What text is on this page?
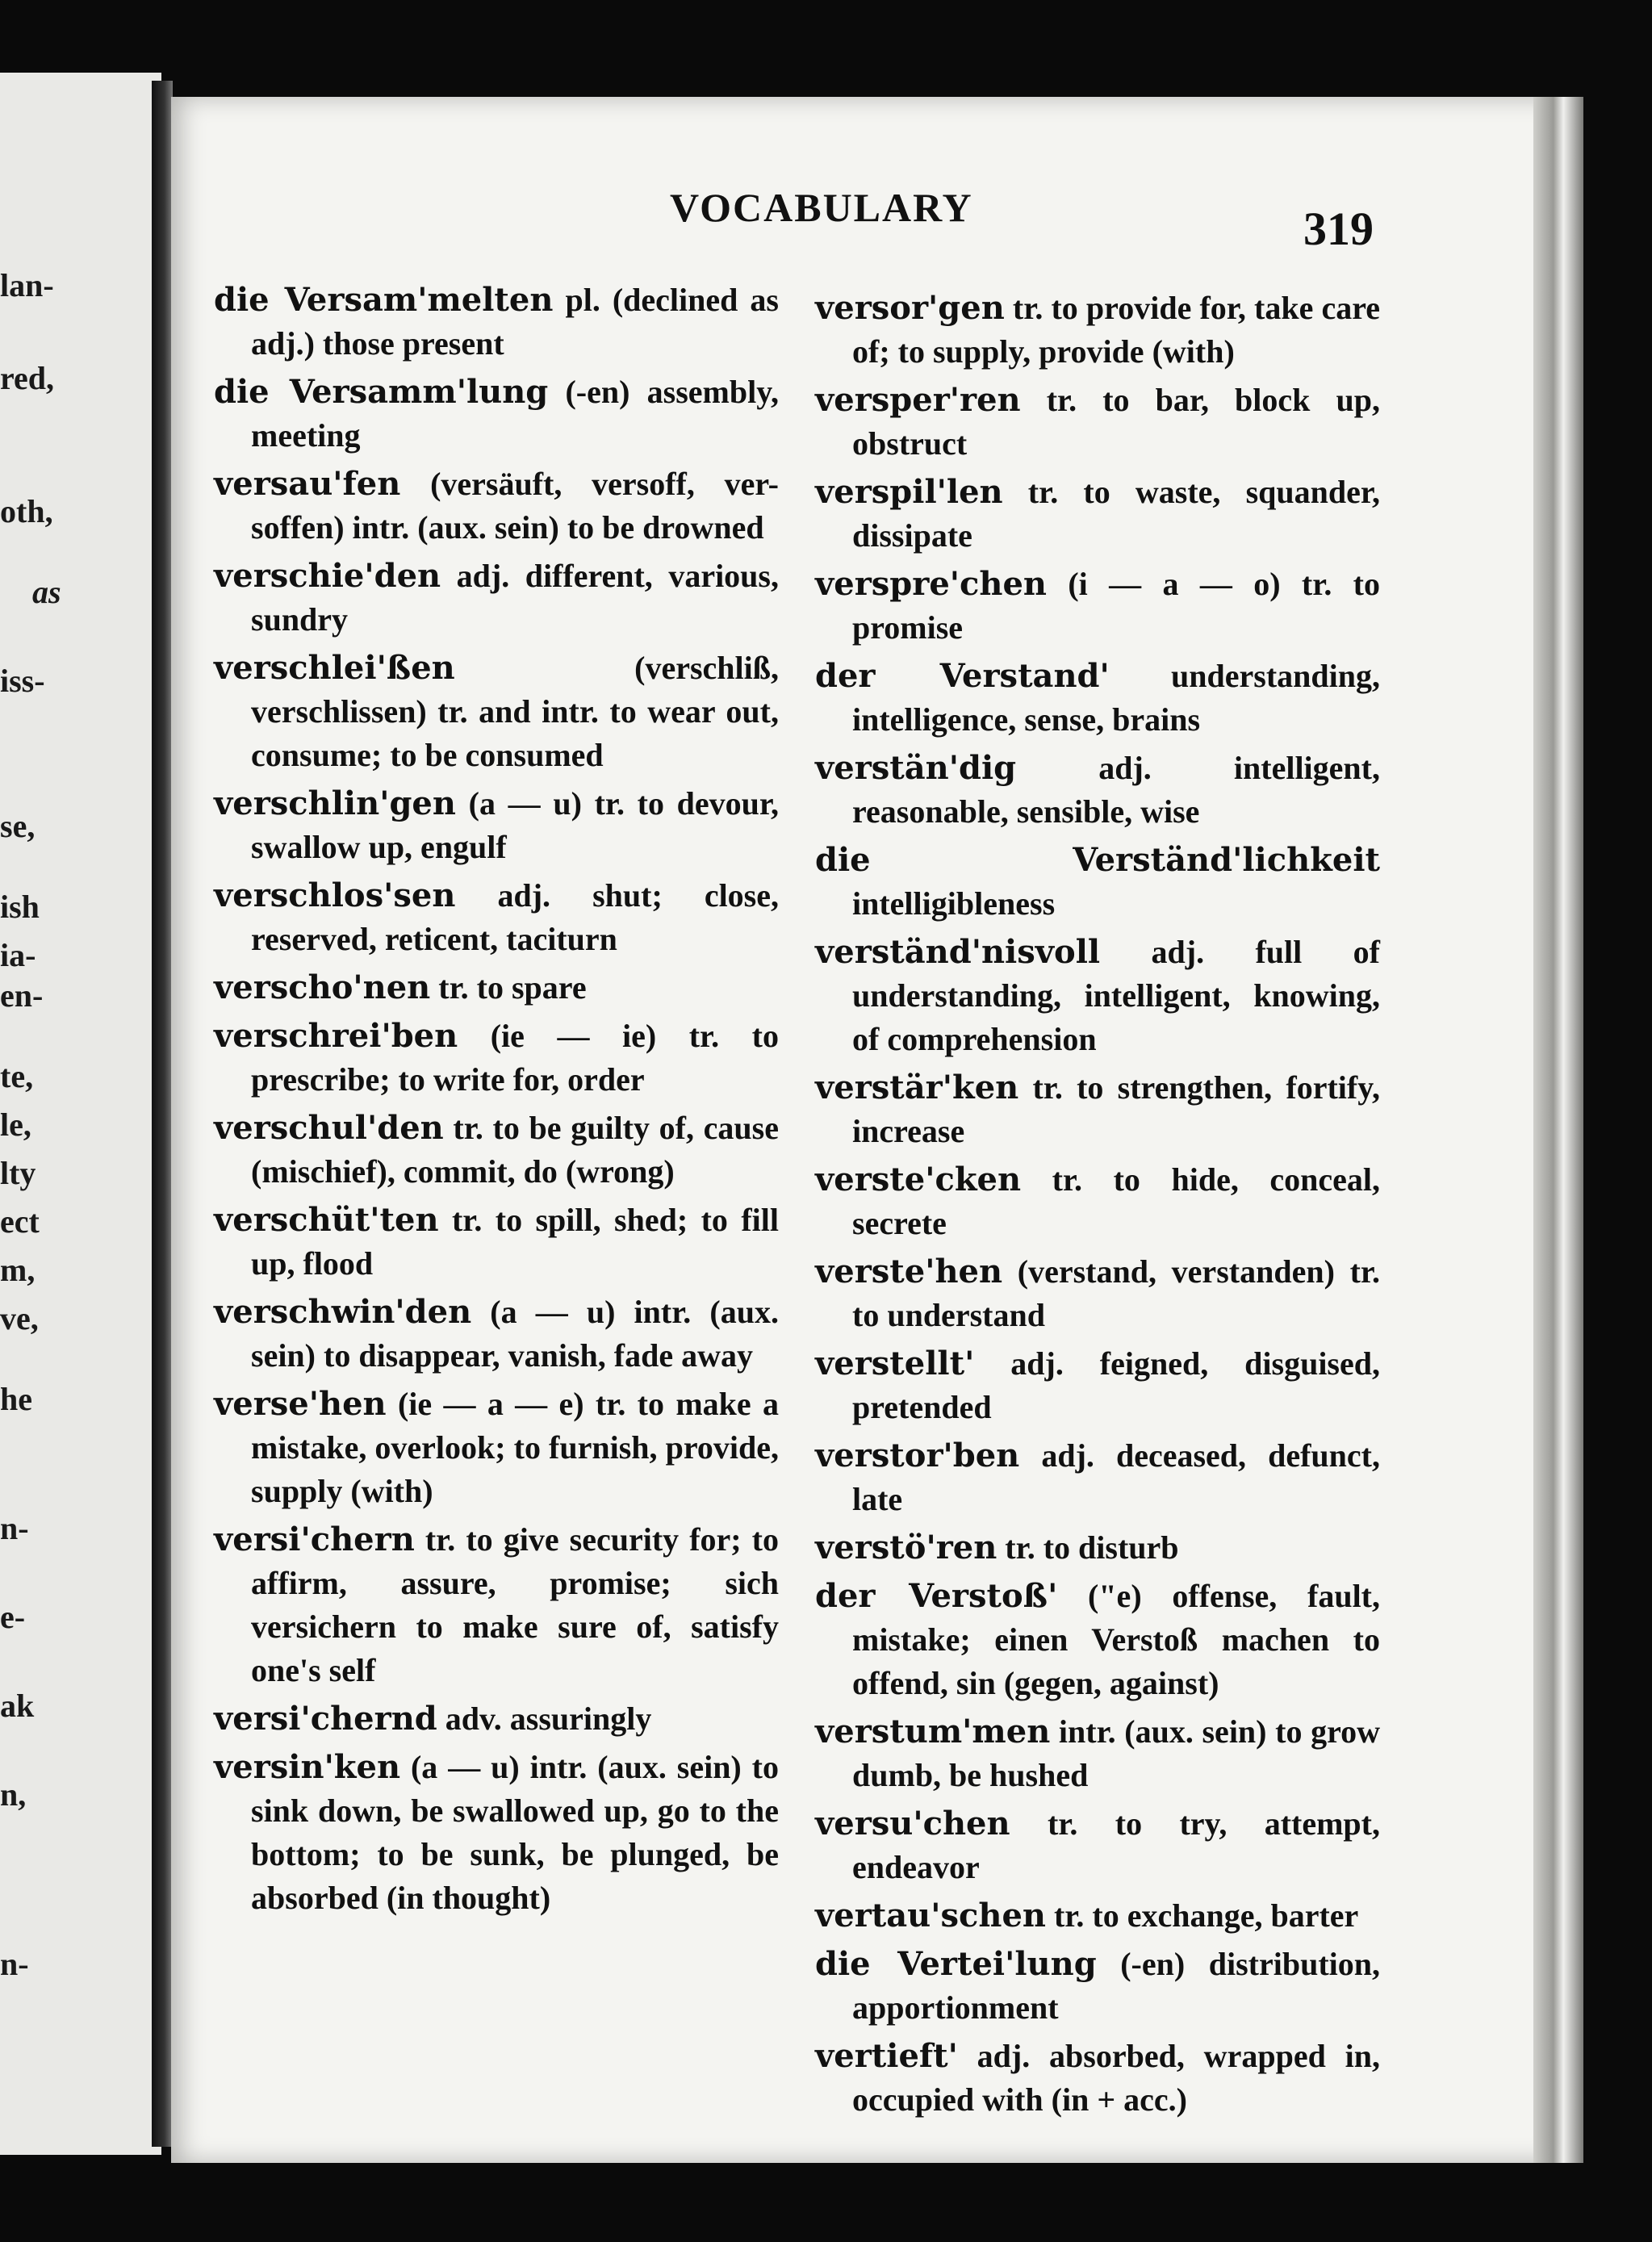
lan-
red,
oth,
as
iss-
se,
ish
ia-
en-
te,
le,
lty
ect
m,
ve,
he
n-
e-
ak
n,
n-
VOCABULARY	319

die Versam'melten pl. (declined as adj.) those present

die Versamm'lung (-en) assembly, meeting

versau'fen (versäuft, versoff, ver-soffen) intr. (aux. sein) to be drowned

verschie'den adj. different, various, sundry

verschlei'ßen (verschliß, verschlissen) tr. and intr. to wear out, consume; to be consumed

verschlin'gen (a — u) tr. to devour, swallow up, engulf

verschlos'sen adj. shut; close, reserved, reticent, taciturn

verscho'nen tr. to spare

verschrei'ben (ie — ie) tr. to prescribe; to write for, order

verschul'den tr. to be guilty of, cause (mischief), commit, do (wrong)

verschüt'ten tr. to spill, shed; to fill up, flood

verschwin'den (a — u) intr. (aux. sein) to disappear, vanish, fade away

verse'hen (ie — a — e) tr. to make a mistake, overlook; to furnish, provide, supply (with)

versi'chern tr. to give security for; to affirm, assure, promise; sich versichern to make sure of, satisfy one's self

versi'chernd adv. assuringly

versin'ken (a — u) intr. (aux. sein) to sink down, be swallowed up, go to the bottom; to be sunk, be plunged, be absorbed (in thought)

versor'gen tr. to provide for, take care of; to supply, provide (with)

versper'ren tr. to bar, block up, obstruct

verspil'len tr. to waste, squander, dissipate

verspre'chen (i — a — o) tr. to promise

der Verstand' understanding, intelligence, sense, brains

verstän'dig adj. intelligent, reasonable, sensible, wise

die Verständ'lichkeit intelligibleness

verständ'nisvoll adj. full of understanding, intelligent, knowing, of comprehension

verstär'ken tr. to strengthen, fortify, increase

verste'cken tr. to hide, conceal, secrete

verste'hen (verstand, verstanden) tr. to understand

verstellt' adj. feigned, disguised, pretended

verstor'ben adj. deceased, defunct, late

verstö'ren tr. to disturb

der Verstoß' ("e) offense, fault, mistake; einen Verstoß machen to offend, sin (gegen, against)

verstum'men intr. (aux. sein) to grow dumb, be hushed

versu'chen tr. to try, attempt, endeavor

vertau'schen tr. to exchange, barter

die Vertei'lung (-en) distribution, apportionment

vertieft' adj. absorbed, wrapped in, occupied with (in + acc.)
